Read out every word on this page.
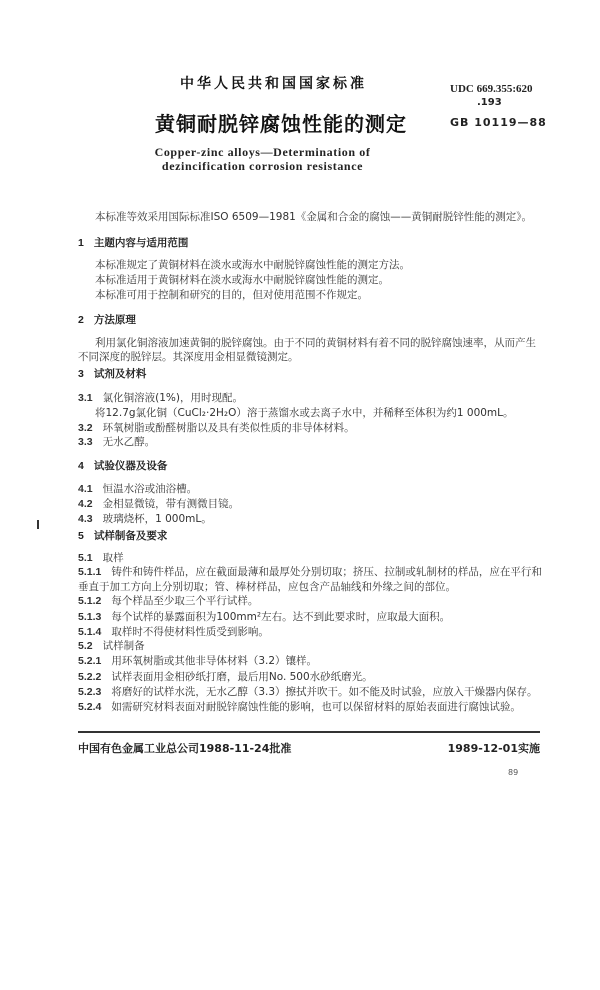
中华人民共和国国家标准	UDC 669.355:620
.193
黄铜耐脱锌腐蚀性能的测定	GB 10119—88
Copper-zinc alloys—Determination of
dezincification corrosion resistance
本标准等效采用国际标准ISO 6509—1981《金属和合金的腐蚀——黄铜耐脱锌性能的测定》。
1 主题内容与适用范围
本标准规定了黄铜材料在淡水或海水中耐脱锌腐蚀性能的测定方法。
本标准适用于黄铜材料在淡水或海水中耐脱锌腐蚀性能的测定。
本标准可用于控制和研究的目的，但对使用范围不作规定。
2 方法原理
利用氯化铜溶液加速黄铜的脱锌腐蚀。由于不同的黄铜材料有着不同的脱锌腐蚀速率，从而产生
不同深度的脱锌层。其深度用金相显微镜测定。
3 试剂及材料
3.1 氯化铜溶液(1%)，用时现配。
将12.7g氯化铜（CuCl₂·2H₂O）溶于蒸馏水或去离子水中，并稀释至体积为约1 000mL。
3.2 环氧树脂或酚醛树脂以及具有类似性质的非导体材料。
3.3 无水乙醇。
4 试验仪器及设备
4.1 恒温水浴或油浴槽。
4.2 金相显微镜，带有测微目镜。
4.3 玻璃烧杯，1 000mL。
5 试样制备及要求
5.1 取样
5.1.1 铸件和铸件样品，应在截面最薄和最厚处分别切取；挤压、拉制或轧制材的样品，应在平行和
垂直于加工方向上分别切取；管、棒材样品，应包含产品轴线和外缘之间的部位。
5.1.2 每个样品至少取三个平行试样。
5.1.3 每个试样的暴露面积为100mm²左右。达不到此要求时，应取最大面积。
5.1.4 取样时不得使材料性质受到影响。
5.2 试样制备
5.2.1 用环氧树脂或其他非导体材料（3.2）镶样。
5.2.2 试样表面用金相砂纸打磨，最后用No. 500水砂纸磨光。
5.2.3 将磨好的试样水洗，无水乙醇（3.3）擦拭并吹干。如不能及时试验，应放入干燥器内保存。
5.2.4 如需研究材料表面对耐脱锌腐蚀性能的影响，也可以保留材料的原始表面进行腐蚀试验。
中国有色金属工业总公司1988-11-24批准	1989-12-01实施
89
